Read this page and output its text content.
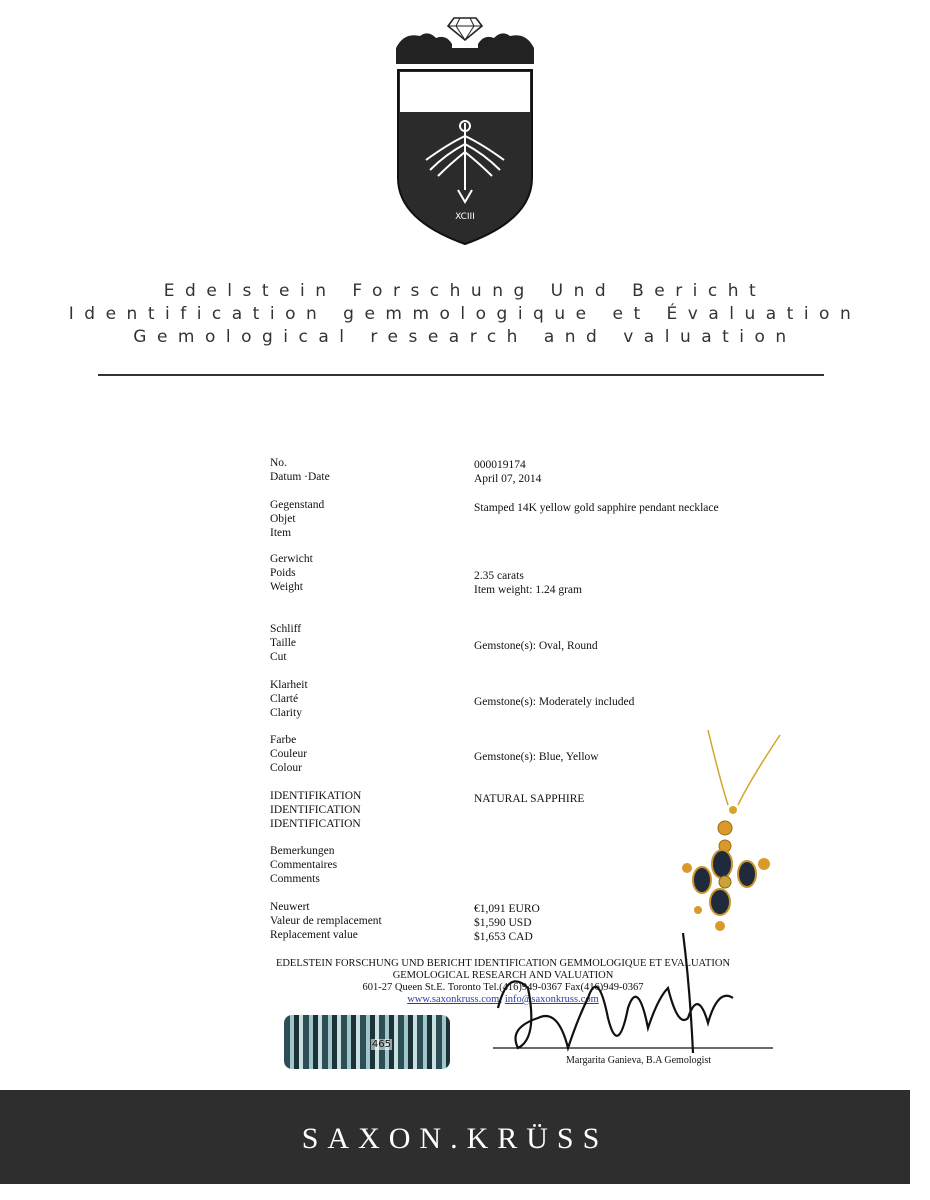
XCIII
Edelstein Forschung Und Bericht
Identification gemmologique et Évaluation
Gemological research and valuation
No.
Datum ·Date
000019174
April 07, 2014
Gegenstand
Objet
Item
Stamped 14K yellow gold sapphire pendant necklace
Gerwicht
Poids
Weight
2.35 carats
Item weight: 1.24 gram
Schliff
Taille
Cut
Gemstone(s): Oval, Round
Klarheit
Clarté
Clarity
Gemstone(s): Moderately included
Farbe
Couleur
Colour
Gemstone(s): Blue, Yellow
IDENTIFIKATION
IDENTIFICATION
IDENTIFICATION
NATURAL SAPPHIRE
Bemerkungen
Commentaires
Comments
Neuwert
Valeur de remplacement
Replacement value
€1,091 EURO
$1,590 USD
$1,653 CAD
EDELSTEIN FORSCHUNG UND BERICHT IDENTIFICATION GEMMOLOGIQUE ET EVALUATION
GEMOLOGICAL RESEARCH AND VALUATION
601-27 Queen St.E. Toronto Tel.(416)949-0367 Fax(416)949-0367
www.saxonkruss.com; info@saxonkruss.com
465
Margarita Ganieva, B.A Gemologist
SAXON.KRÜSS
